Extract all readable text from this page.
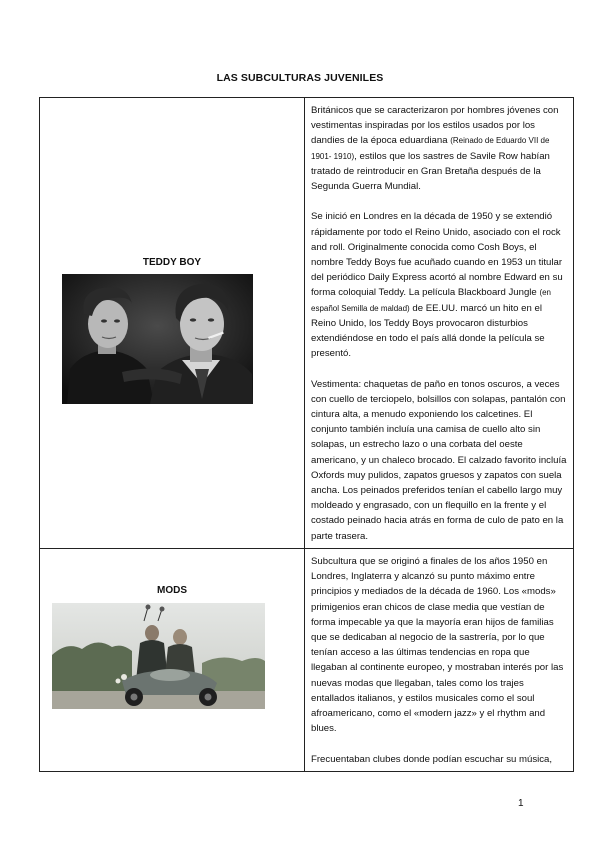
LAS SUBCULTURAS JUVENILES
TEDDY BOY	Británicos que se caracterizaron por hombres jóvenes con vestimentas inspiradas por los estilos usados por los dandies de la época eduardiana (Reinado de Eduardo VII de 1901- 1910), estilos que los sastres de Savile Row habían tratado de reintroducir en Gran Bretaña después de la Segunda Guerra Mundial.

Se inició en Londres en la década de 1950 y se extendió rápidamente por todo el Reino Unido, asociado con el rock and roll. Originalmente conocida como Cosh Boys, el nombre Teddy Boys fue acuñado cuando en 1953 un titular del periódico Daily Express acortó al nombre Edward en su forma coloquial Teddy. La película Blackboard Jungle (en español Semilla de maldad) de EE.UU. marcó un hito en el Reino Unido, los Teddy Boys provocaron disturbios extendiéndose en todo el país allá donde la película se presentó.

Vestimenta: chaquetas de paño en tonos oscuros, a veces con cuello de terciopelo, bolsillos con solapas, pantalón con cintura alta, a menudo exponiendo los calcetines. El conjunto también incluía una camisa de cuello alto sin solapas, un estrecho lazo o una corbata del oeste americano, y un chaleco brocado. El calzado favorito incluía Oxfords muy pulidos, zapatos gruesos y zapatos con suela ancha. Los peinados preferidos tenían el cabello largo muy moldeado y engrasado, con un flequillo en la frente y el costado peinado hacia atrás en forma de culo de pato en la parte trasera.

MODS	Subcultura que se originó a finales de los años 1950 en Londres, Inglaterra y alcanzó su punto máximo entre principios y mediados de la década de 1960. Los «mods» primigenios eran chicos de clase media que vestían de forma impecable ya que la mayoría eran hijos de familias que se dedicaban al negocio de la sastrería, por lo que tenían acceso a las últimas tendencias en ropa que llegaban al continente europeo, y mostraban interés por las nuevas modas que llegaban, tales como los trajes entallados italianos, y estilos musicales como el soul afroamericano, como el «modern jazz» y el rhythm and blues.

Frecuentaban clubes donde podían escuchar su música,

1
